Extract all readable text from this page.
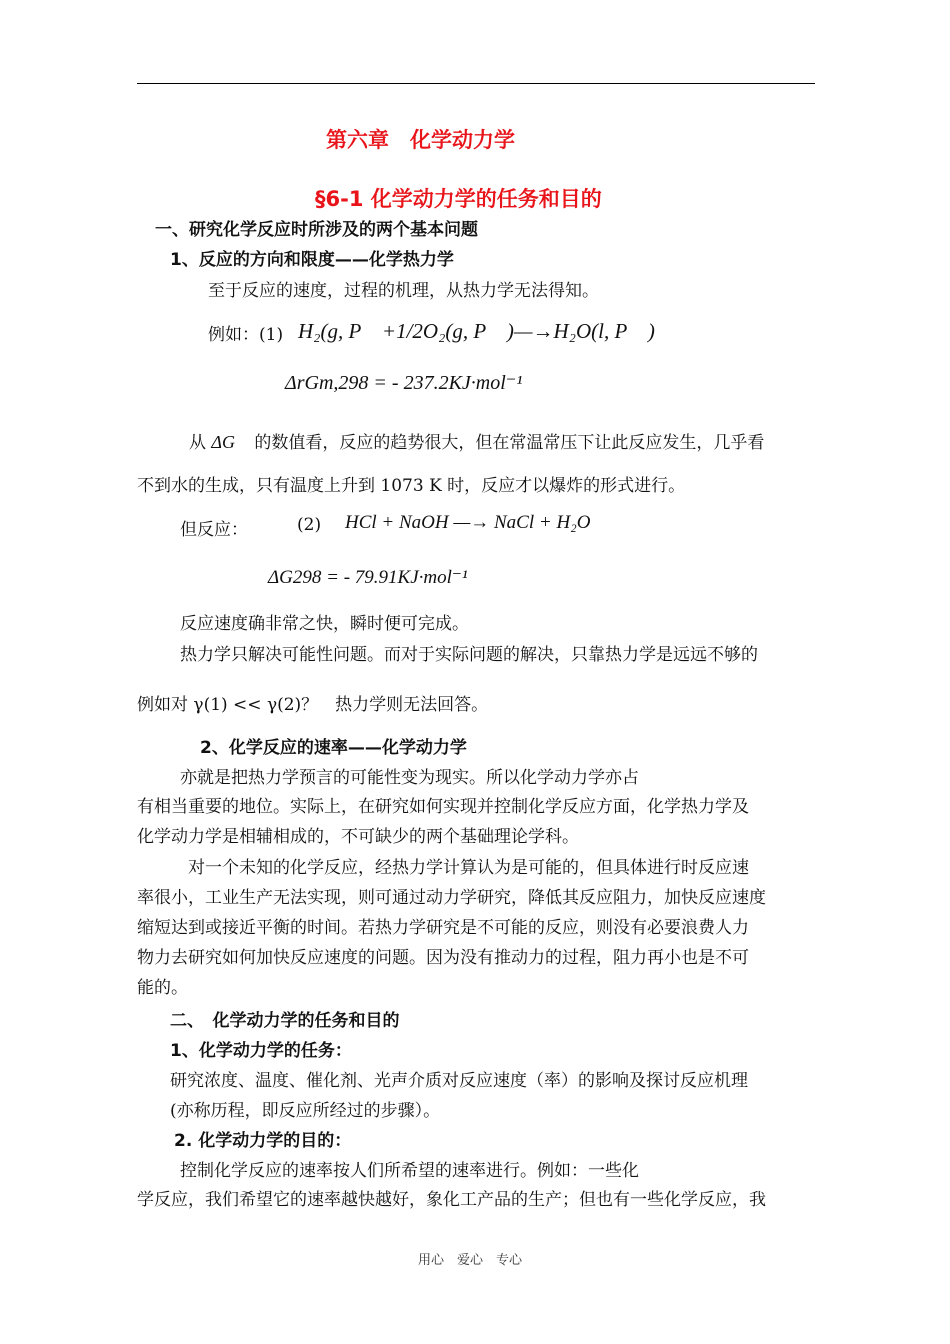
第六章　化学动力学
§6-1 化学动力学的任务和目的
一、研究化学反应时所涉及的两个基本问题
1、反应的方向和限度——化学热力学
至于反应的速度，过程的机理，从热力学无法得知。
例如：(1) H₂(g, P　+1/2O₂(g, P　)—→H₂O(l, P　)
ΔrGm,298 = - 237.2KJ·mol⁻¹
从 ΔG 的数值看，反应的趋势很大，但在常温常压下让此反应发生，几乎看
不到水的生成，只有温度上升到 1073 K 时，反应才以爆炸的形式进行。
但反应：	(2) HCl + NaOH —→ NaCl + H₂O
ΔG298 = - 79.91KJ·mol⁻¹
反应速度确非常之快，瞬时便可完成。
热力学只解决可能性问题。而对于实际问题的解决，只靠热力学是远远不够的
例如对 γ(1) << γ(2)？　热力学则无法回答。
2、化学反应的速率——化学动力学
亦就是把热力学预言的可能性变为现实。所以化学动力学亦占
有相当重要的地位。实际上，在研究如何实现并控制化学反应方面，化学热力学及
化学动力学是相辅相成的，不可缺少的两个基础理论学科。
对一个未知的化学反应，经热力学计算认为是可能的，但具体进行时反应速
率很小，工业生产无法实现，则可通过动力学研究，降低其反应阻力，加快反应速度
缩短达到或接近平衡的时间。若热力学研究是不可能的反应，则没有必要浪费人力
物力去研究如何加快反应速度的问题。因为没有推动力的过程，阻力再小也是不可
能的。
二、　化学动力学的任务和目的
1、化学动力学的任务：
研究浓度、温度、催化剂、光声介质对反应速度（率）的影响及探讨反应机理
(亦称历程，即反应所经过的步骤）。
2. 化学动力学的目的：
控制化学反应的速率按人们所希望的速率进行。例如：一些化
学反应，我们希望它的速率越快越好，象化工产品的生产；但也有一些化学反应，我
用心　爱心　专心
